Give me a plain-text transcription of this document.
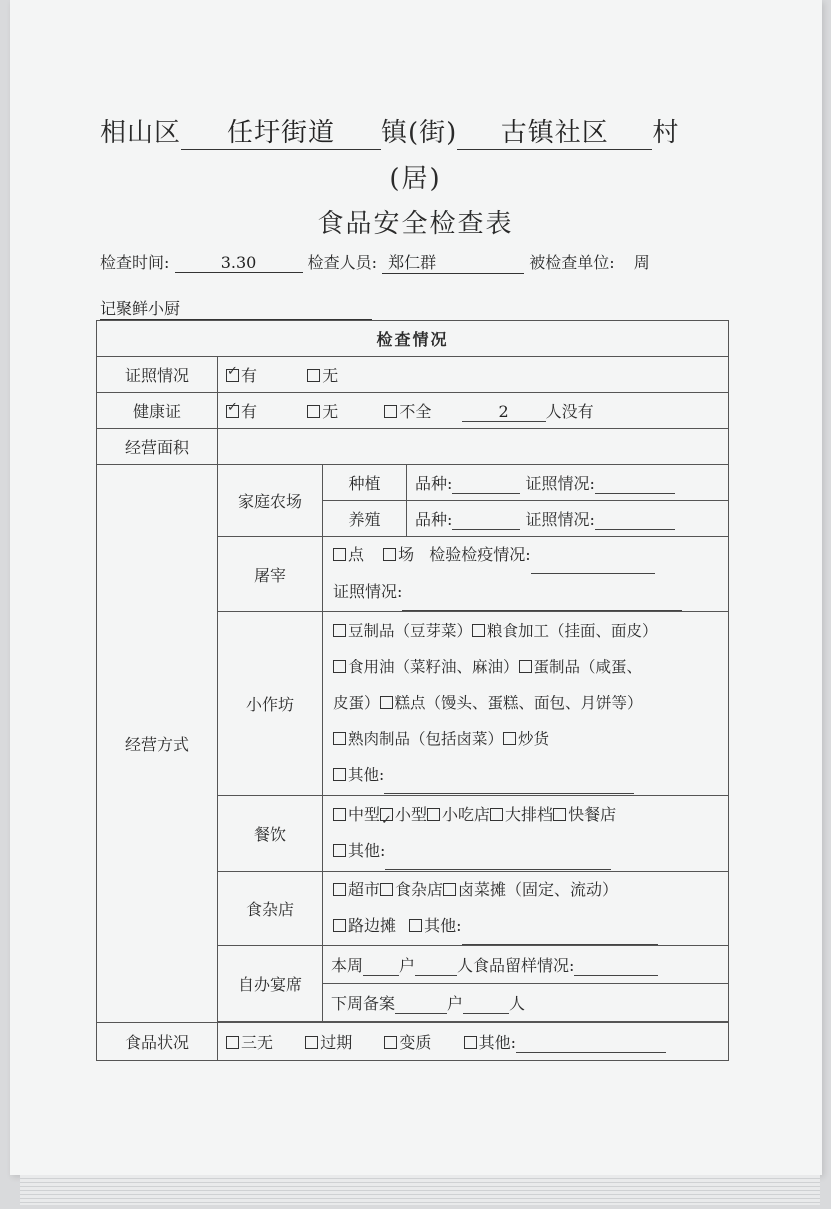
相山区 任圩街道 镇(街) 古镇社区 村
(居)
食品安全检查表
检查时间:	3.30	检查人员: 郑仁群	被检查单位: 周
记聚鲜小厨
检查情况			
证照情况	✓有 无
健康证	✓有 无 不全 2 人没有
经营面积			
经营方式	家庭农场	种植	品种: 证照情况:
		养殖	品种: 证照情况:
	屠宰	点 场 检验检疫情况:
证照情况:	

	小作坊	豆制品（豆芽菜） 粮食加工（挂面、面皮）
食用油（菜籽油、麻油） 蛋制品（咸蛋、
皮蛋） 糕点（馒头、蛋糕、面包、月饼等）
熟肉制品（包括卤菜） 炒货
其他:	

	餐饮	中型 ✓ 小型 小吃店 大排档 快餐店
其他:

	食杂店	超市 食杂店 卤菜摊（固定、流动）
路边摊 其他:	

	自办宴席	本周 户 人食品留样情况:	
		下周备案 户 人	

食品状况	三无 过期 变质 其他:		
